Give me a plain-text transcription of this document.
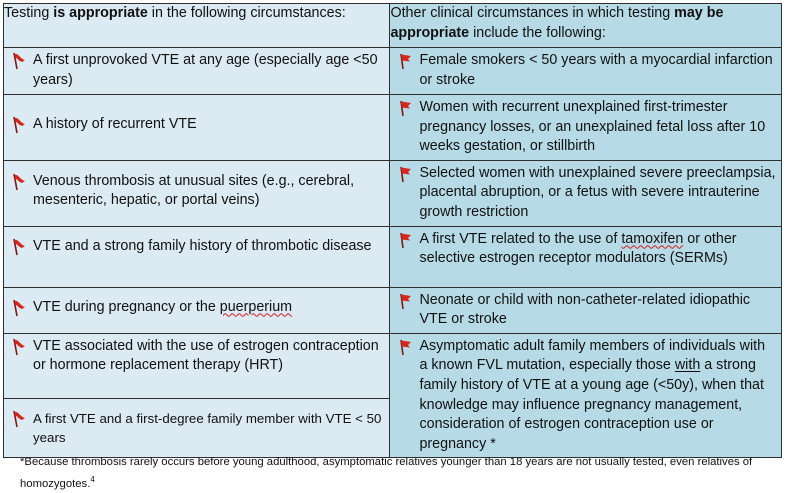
Testing is appropriate in the following circumstances:	Other clinical circumstances in which testing may be appropriate include the following:

A first unprovoked VTE at any age (especially age <50 years)	Female smokers < 50 years with a myocardial infarction or stroke

A history of recurrent VTE	Women with recurrent unexplained first-trimester pregnancy losses, or an unexplained fetal loss after 10 weeks gestation, or stillbirth

Venous thrombosis at unusual sites (e.g., cerebral, mesenteric, hepatic, or portal veins)	Selected women with unexplained severe preeclampsia, placental abruption, or a fetus with severe intrauterine growth restriction

VTE and a strong family history of thrombotic disease	A first VTE related to the use of tamoxifen or other selective estrogen receptor modulators (SERMs)

VTE during pregnancy or the puerperium	Neonate or child with non-catheter-related idiopathic VTE or stroke

VTE associated with the use of estrogen contraception or hormone replacement therapy (HRT)	Asymptomatic adult family members of individuals with a known FVL mutation, especially those with a strong family history of VTE at a young age (<50y), when that knowledge may influence pregnancy management, consideration of estrogen contraception use or pregnancy *

A first VTE and a first-degree family member with VTE < 50 years	
*Because thrombosis rarely occurs before young adulthood, asymptomatic relatives younger than 18 years are not usually tested, even relatives of homozygotes.$^4$
